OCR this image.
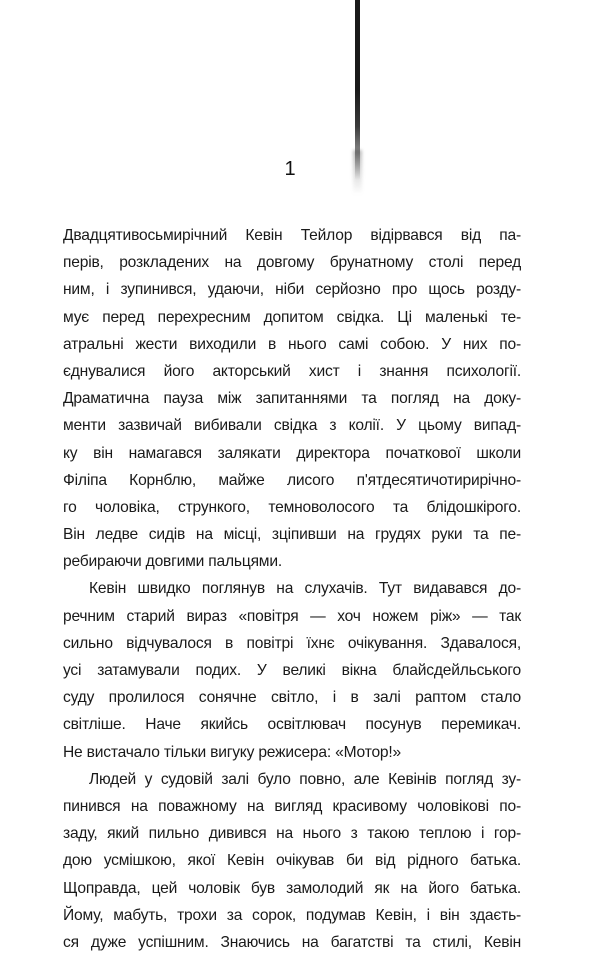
1
Двадцятивосьмирічний Кевін Тейлор відірвався від па-
перів, розкладених на довгому брунатному столі перед
ним, і зупинився, удаючи, ніби серйозно про щось розду-
мує перед перехресним допитом свідка. Ці маленькі те-
атральні жести виходили в нього самі собою. У них по-
єднувалися його акторський хист і знання психології.
Драматична пауза між запитаннями та погляд на доку-
менти зазвичай вибивали свідка з колії. У цьому випад-
ку він намагався залякати директора початкової школи
Філіпа Корнблю, майже лисого п'ятдесятичотирирічно-
го чоловіка, стрункого, темноволосого та блідошкірого.
Він ледве сидів на місці, зціпивши на грудях руки та пе-
ребираючи довгими пальцями.
Кевін швидко поглянув на слухачів. Тут видавався до-
речним старий вираз «повітря — хоч ножем ріж» — так
сильно відчувалося в повітрі їхнє очікування. Здавалося,
усі затамували подих. У великі вікна блайсдейльського
суду пролилося сонячне світло, і в залі раптом стало
світліше. Наче якийсь освітлювач посунув перемикач.
Не вистачало тільки вигуку режисера: «Мотор!»
Людей у судовій залі було повно, але Кевінів погляд зу-
пинився на поважному на вигляд красивому чоловікові по-
заду, який пильно дивився на нього з такою теплою і гор-
дою усмішкою, якої Кевін очікував би від рідного батька.
Щоправда, цей чоловік був замолодий як на його батька.
Йому, мабуть, трохи за сорок, подумав Кевін, і він здаєть-
ся дуже успішним. Знаючись на багатстві та стилі, Кевін
